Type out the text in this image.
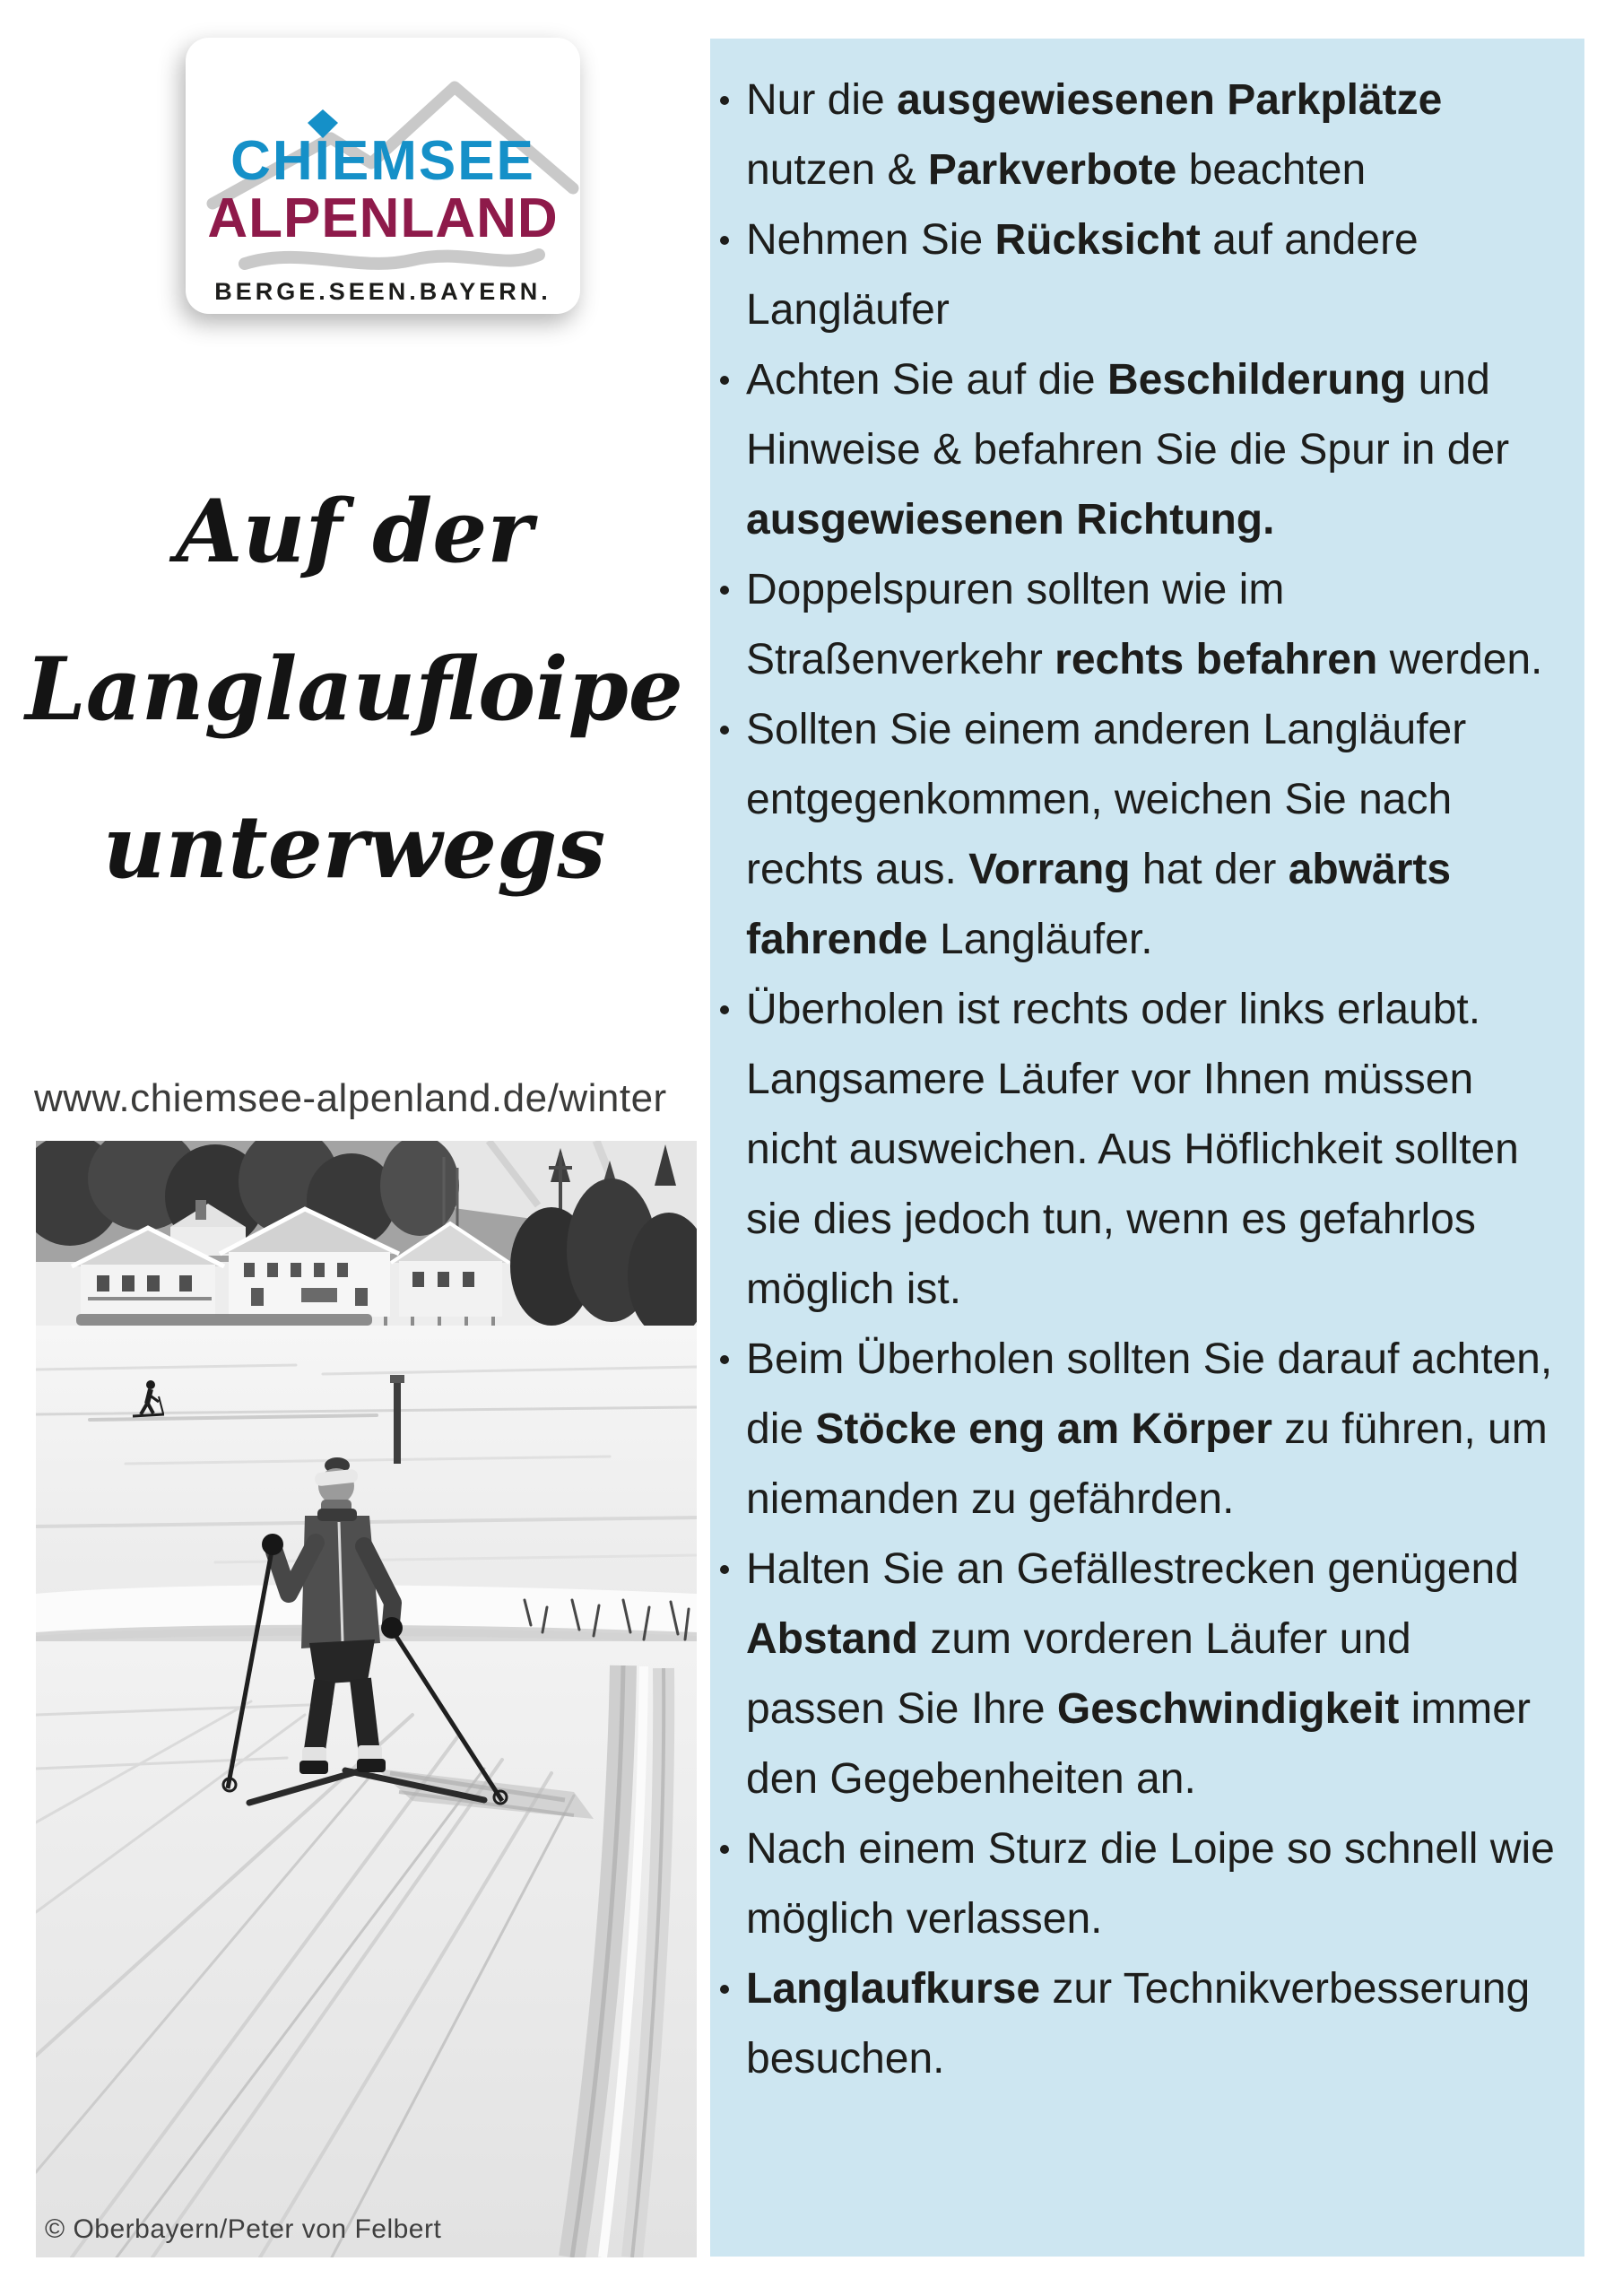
CHIEMSEE
ALPENLAND
BERGE.SEEN.BAYERN.
Auf der
Langlaufloipe
unterwegs
www.chiemsee-alpenland.de/winter
© Oberbayern/Peter von Felbert
Nur die ausgewiesenen Parkplätze nutzen & Parkverbote beachten
Nehmen Sie Rücksicht auf andere Langläufer
Achten Sie auf die Beschilderung und Hinweise & befahren Sie die Spur in der ausgewiesenen Richtung.
Doppelspuren sollten wie im Straßenverkehr rechts befahren werden.
Sollten Sie einem anderen Langläufer entgegenkommen, weichen Sie nach rechts aus. Vorrang hat der abwärts fahrende Langläufer.
Überholen ist rechts oder links erlaubt. Langsamere Läufer vor Ihnen müssen nicht ausweichen. Aus Höflichkeit sollten sie dies jedoch tun, wenn es gefahrlos möglich ist.
Beim Überholen sollten Sie darauf achten, die Stöcke eng am Körper zu führen, um niemanden zu gefährden.
Halten Sie an Gefällestrecken genügend Abstand zum vorderen Läufer und passen Sie Ihre Geschwindigkeit immer den Gegebenheiten an.
Nach einem Sturz die Loipe so schnell wie möglich verlassen.
Langlaufkurse zur Technikverbesserung besuchen.
